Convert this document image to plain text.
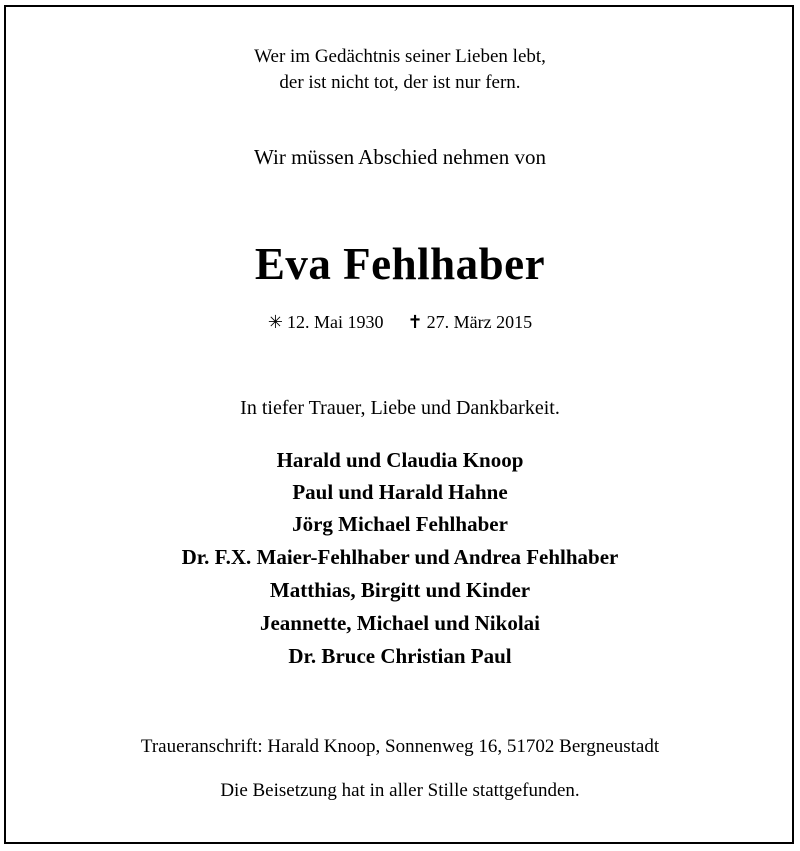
Wer im Gedächtnis seiner Lieben lebt,
der ist nicht tot, der ist nur fern.
Wir müssen Abschied nehmen von
Eva Fehlhaber
✳ 12. Mai 1930 ✝ 27. März 2015
In tiefer Trauer, Liebe und Dankbarkeit.
Harald und Claudia Knoop
Paul und Harald Hahne
Jörg Michael Fehlhaber
Dr. F.X. Maier-Fehlhaber und Andrea Fehlhaber
Matthias, Birgitt und Kinder
Jeannette, Michael und Nikolai
Dr. Bruce Christian Paul
Traueranschrift: Harald Knoop, Sonnenweg 16, 51702 Bergneustadt
Die Beisetzung hat in aller Stille stattgefunden.
